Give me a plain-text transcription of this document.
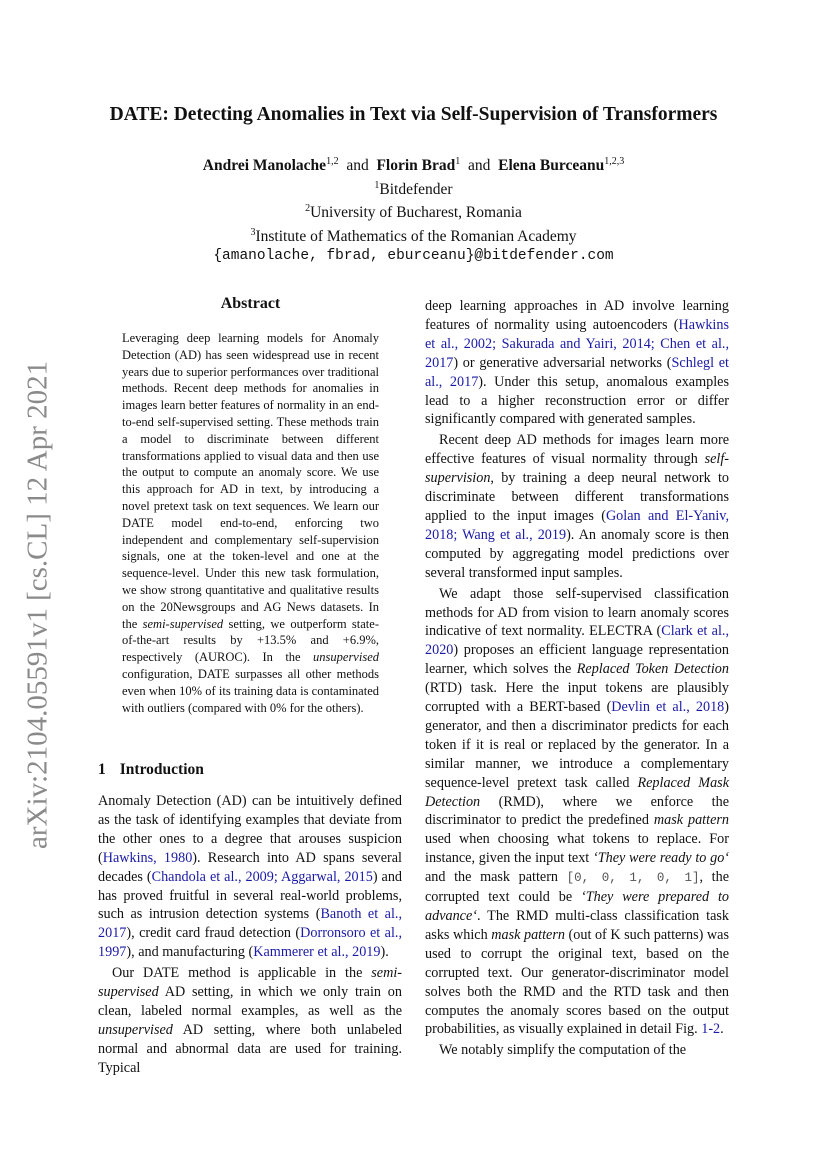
DATE: Detecting Anomalies in Text via Self-Supervision of Transformers
Andrei Manolache$^{1,2}$ and Florin Brad$^1$ and Elena Burceanu$^{1,2,3}$
$^1$Bitdefender
$^2$University of Bucharest, Romania
$^3$Institute of Mathematics of the Romanian Academy
{amanolache, fbrad, eburceanu}@bitdefender.com
arXiv:2104.05591v1 [cs.CL] 12 Apr 2021
Abstract
Leveraging deep learning models for Anomaly Detection (AD) has seen widespread use in recent years due to superior performances over traditional methods. Recent deep methods for anomalies in images learn better features of normality in an end-to-end self-supervised setting. These methods train a model to discriminate between different transformations applied to visual data and then use the output to compute an anomaly score. We use this approach for AD in text, by introducing a novel pretext task on text sequences. We learn our DATE model end-to-end, enforcing two independent and complementary self-supervision signals, one at the token-level and one at the sequence-level. Under this new task formulation, we show strong quantitative and qualitative results on the 20Newsgroups and AG News datasets. In the semi-supervised setting, we outperform state-of-the-art results by +13.5% and +6.9%, respectively (AUROC). In the unsupervised configuration, DATE surpasses all other methods even when 10% of its training data is contaminated with outliers (compared with 0% for the others).
1 Introduction

Anomaly Detection (AD) can be intuitively defined as the task of identifying examples that deviate from the other ones to a degree that arouses suspicion (Hawkins, 1980). Research into AD spans several decades (Chandola et al., 2009; Aggarwal, 2015) and has proved fruitful in several real-world problems, such as intrusion detection systems (Banoth et al., 2017), credit card fraud detection (Dorronsoro et al., 1997), and manufacturing (Kammerer et al., 2019).

Our DATE method is applicable in the semi-supervised AD setting, in which we only train on clean, labeled normal examples, as well as the unsupervised AD setting, where both unlabeled normal and abnormal data are used for training. Typical

deep learning approaches in AD involve learning features of normality using autoencoders (Hawkins et al., 2002; Sakurada and Yairi, 2014; Chen et al., 2017) or generative adversarial networks (Schlegl et al., 2017). Under this setup, anomalous examples lead to a higher reconstruction error or differ significantly compared with generated samples.

Recent deep AD methods for images learn more effective features of visual normality through self-supervision, by training a deep neural network to discriminate between different transformations applied to the input images (Golan and El-Yaniv, 2018; Wang et al., 2019). An anomaly score is then computed by aggregating model predictions over several transformed input samples.

We adapt those self-supervised classification methods for AD from vision to learn anomaly scores indicative of text normality. ELECTRA (Clark et al., 2020) proposes an efficient language representation learner, which solves the Replaced Token Detection (RTD) task. Here the input tokens are plausibly corrupted with a BERT-based (Devlin et al., 2018) generator, and then a discriminator predicts for each token if it is real or replaced by the generator. In a similar manner, we introduce a complementary sequence-level pretext task called Replaced Mask Detection (RMD), where we enforce the discriminator to predict the predefined mask pattern used when choosing what tokens to replace. For instance, given the input text ‘They were ready to go‘ and the mask pattern [0, 0, 1, 0, 1], the corrupted text could be ‘They were prepared to advance‘. The RMD multi-class classification task asks which mask pattern (out of K such patterns) was used to corrupt the original text, based on the corrupted text. Our generator-discriminator model solves both the RMD and the RTD task and then computes the anomaly scores based on the output probabilities, as visually explained in detail Fig. 1-2.

We notably simplify the computation of the
